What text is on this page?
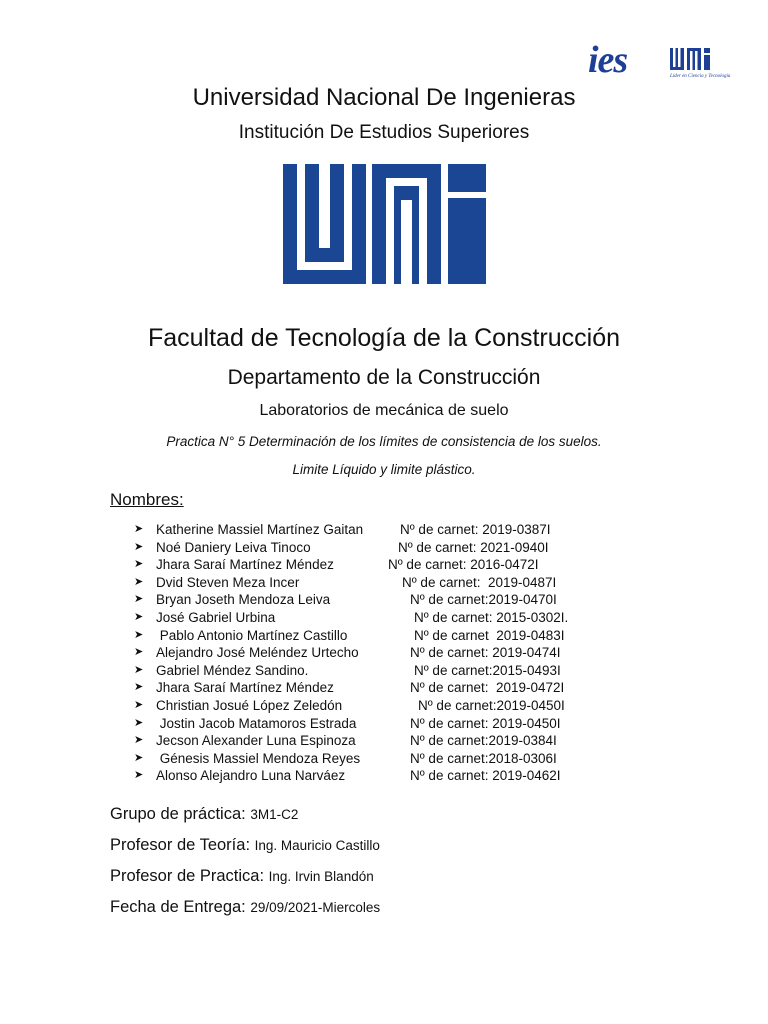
ies	Líder en Ciencia y Tecnología
Universidad Nacional De Ingenieras
Institución De Estudios Superiores
Facultad de Tecnología de la Construcción
Departamento de la Construcción
Laboratorios de mecánica de suelo
Practica N° 5 Determinación de los límites de consistencia de los suelos.
Limite Líquido y limite plástico.
Nombres:
➤ Katherine Massiel Martínez Gaitan	Nº de carnet: 2019-0387I
➤ Noé Daniery Leiva Tinoco	Nº de carnet: 2021-0940I
➤ Jhara Saraí Martínez Méndez	Nº de carnet: 2016-0472I
➤ Dvid Steven Meza Incer	Nº de carnet:  2019-0487I
➤ Bryan Joseth Mendoza Leiva	Nº de carnet:2019-0470I
➤ José Gabriel Urbina	Nº de carnet: 2015-0302I.
➤ Pablo Antonio Martínez Castillo	Nº de carnet  2019-0483I
➤ Alejandro José Meléndez Urtecho	Nº de carnet: 2019-0474I
➤ Gabriel Méndez Sandino.	Nº de carnet:2015-0493I
➤ Jhara Saraí Martínez Méndez	Nº de carnet:  2019-0472I
➤ Christian Josué López Zeledón	Nº de carnet:2019-0450I
➤ Jostin Jacob Matamoros Estrada	Nº de carnet: 2019-0450I
➤ Jecson Alexander Luna Espinoza	Nº de carnet:2019-0384I
➤ Génesis Massiel Mendoza Reyes	Nº de carnet:2018-0306I
➤ Alonso Alejandro Luna Narváez	Nº de carnet: 2019-0462I
Grupo de práctica: 3M1-C2
Profesor de Teoría: Ing. Mauricio Castillo
Profesor de Practica: Ing. Irvin Blandón
Fecha de Entrega: 29/09/2021-Miercoles
